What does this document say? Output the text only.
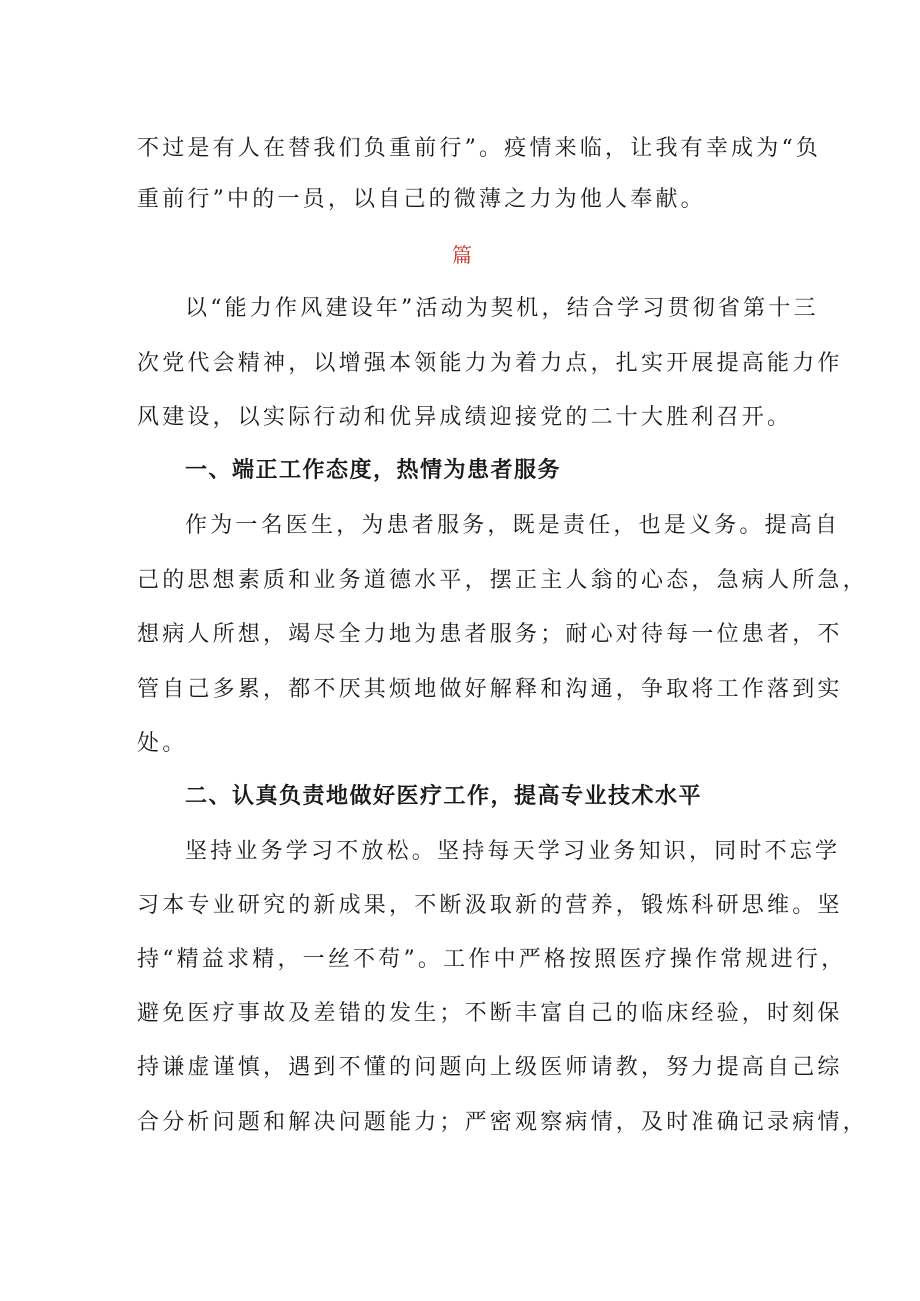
不过是有人在替我们负重前行”。疫情来临，让我有幸成为“负
重前行”中的一员，以自己的微薄之力为他人奉献。
篇
以“能力作风建设年”活动为契机，结合学习贯彻省第十三
次党代会精神，以增强本领能力为着力点，扎实开展提高能力作
风建设，以实际行动和优异成绩迎接党的二十大胜利召开。
一、端正工作态度，热情为患者服务
作为一名医生，为患者服务，既是责任，也是义务。提高自
己的思想素质和业务道德水平，摆正主人翁的心态，急病人所急，
想病人所想，竭尽全力地为患者服务；耐心对待每一位患者，不
管自己多累，都不厌其烦地做好解释和沟通，争取将工作落到实
处。
二、认真负责地做好医疗工作，提高专业技术水平
坚持业务学习不放松。坚持每天学习业务知识，同时不忘学
习本专业研究的新成果，不断汲取新的营养，锻炼科研思维。坚
持“精益求精，一丝不苟”。工作中严格按照医疗操作常规进行，
避免医疗事故及差错的发生；不断丰富自己的临床经验，时刻保
持谦虚谨慎，遇到不懂的问题向上级医师请教，努力提高自己综
合分析问题和解决问题能力；严密观察病情，及时准确记录病情，
